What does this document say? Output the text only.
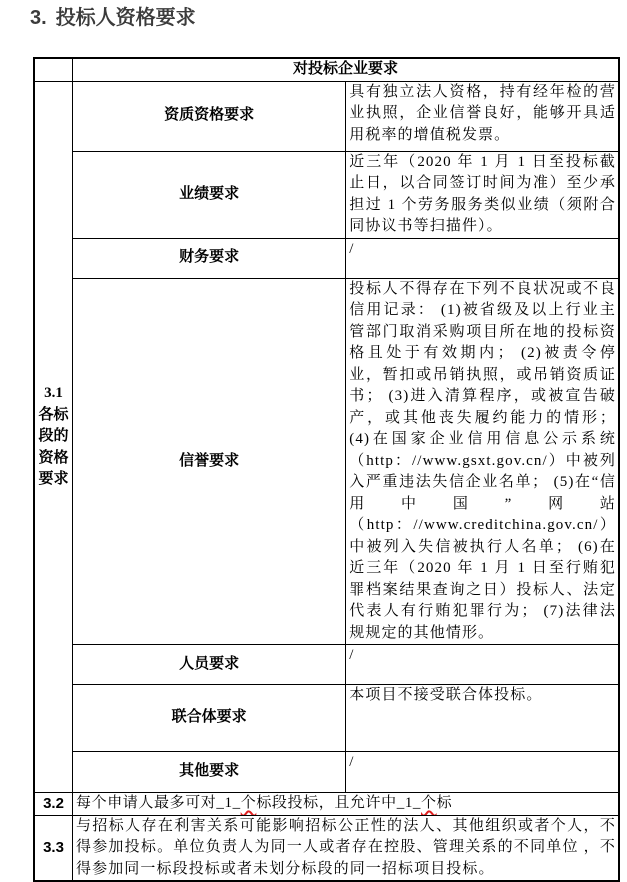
3. 投标人资格要求
	对投标企业要求	

3.1
各标段的资格要求	资质资格要求	具有独立法人资格，持有经年检的营业执照，企业信誉良好，能够开具适用税率的增值税发票。
	业绩要求	近三年（2020 年 1 月 1 日至投标截止日，以合同签订时间为准）至少承担过 1 个劳务服务类似业绩（须附合同协议书等扫描件）。
	财务要求	/
	信誉要求	投标人不得存在下列不良状况或不良信用记录： (1)被省级及以上行业主管部门取消采购项目所在地的投标资格且处于有效期内； (2)被责令停业，暂扣或吊销执照，或吊销资质证书； (3)进入清算程序，或被宣告破产，或其他丧失履约能力的情形； (4)在国家企业信用信息公示系统（http：//www.gsxt.gov.cn/）中被列入严重违法失信企业名单； (5)在“信用中国”网站（http：//www.creditchina.gov.cn/）中被列入失信被执行人名单； (6)在近三年（2020 年 1 月 1 日至行贿犯罪档案结果查询之日）投标人、法定代表人有行贿犯罪行为； (7)法律法规规定的其他情形。
	人员要求	/
	联合体要求	本项目不接受联合体投标。
	其他要求	/
3.2	每个申请人最多可对_1_个标段投标，且允许中_1_个标	
3.3	与招标人存在利害关系可能影响招标公正性的法人、其他组织或者个人，不得参加投标。单位负责人为同一人或者存在控股、管理关系的不同单位 ，不得参加同一标段投标或者未划分标段的同一招标项目投标。	
